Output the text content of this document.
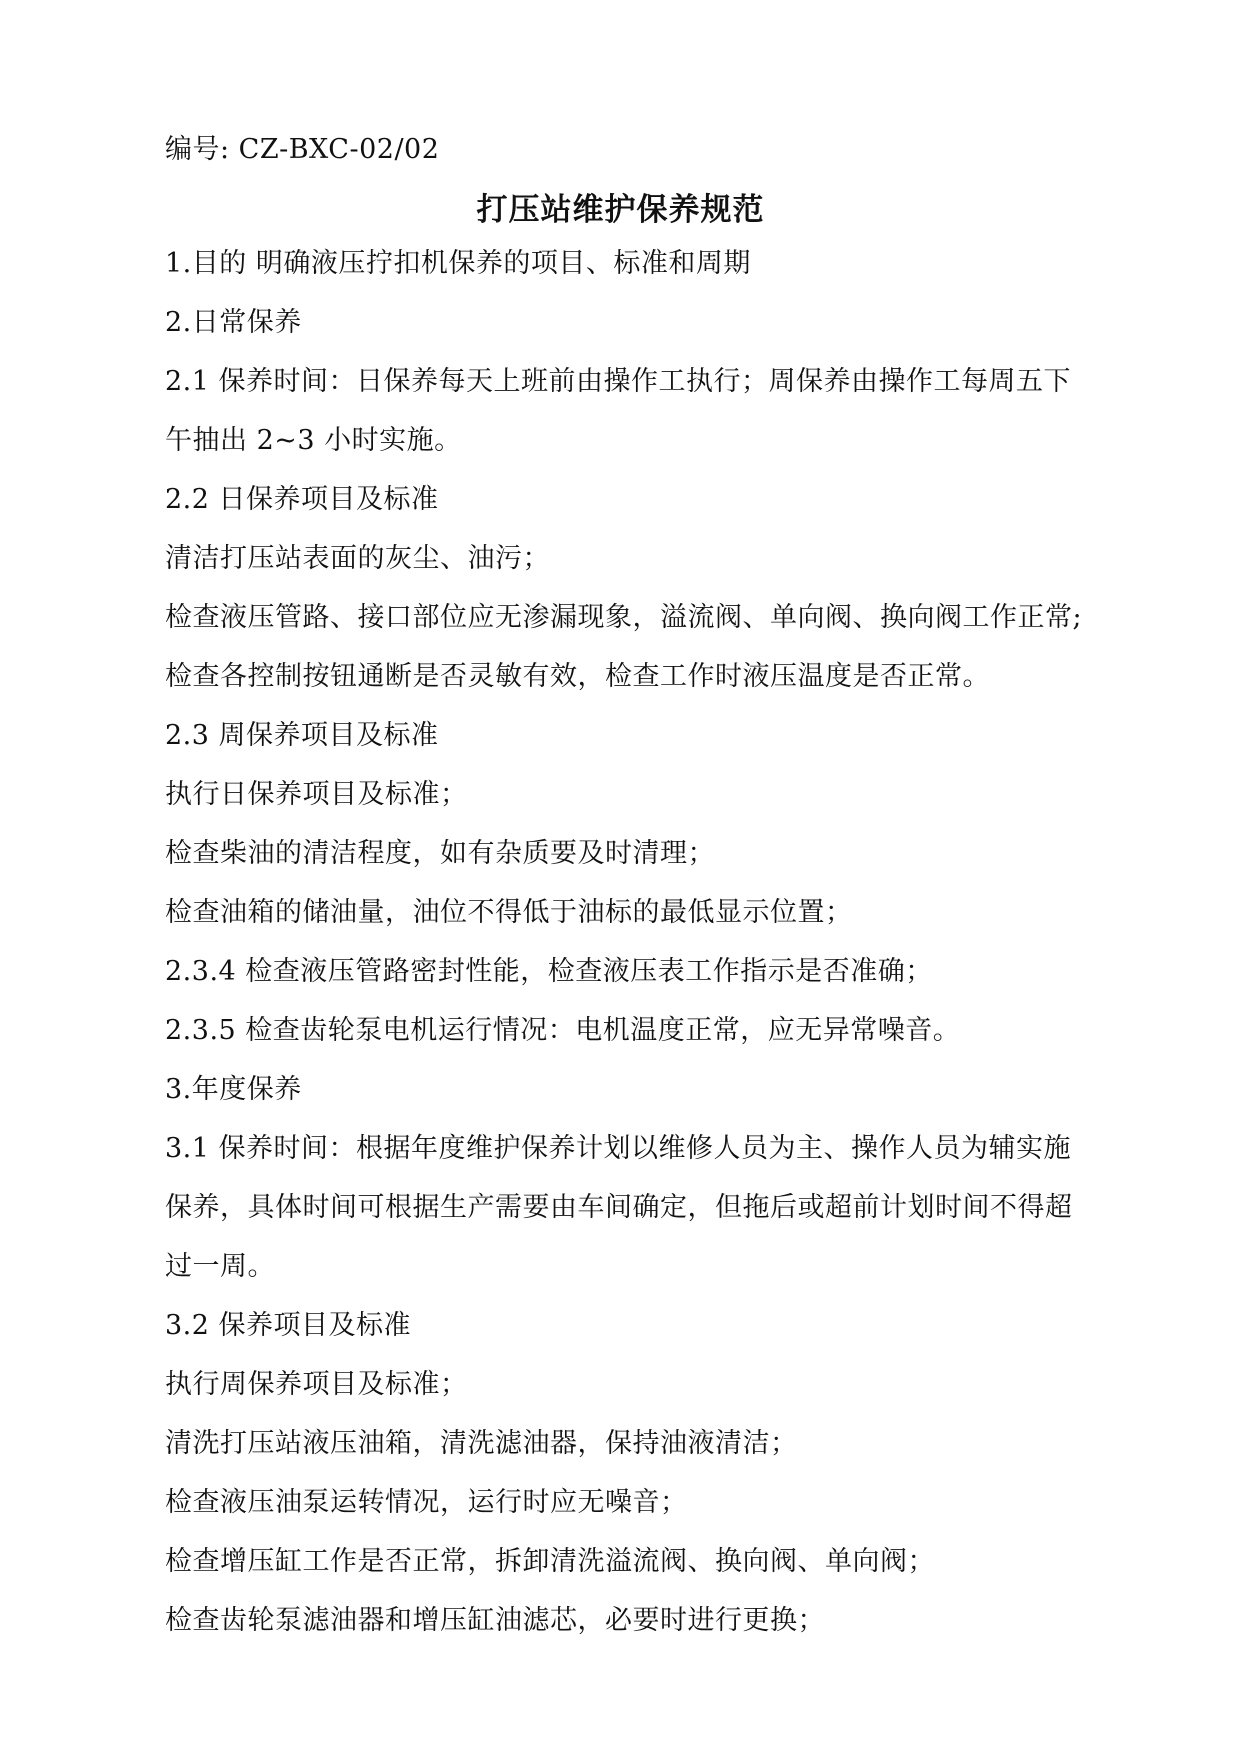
编号: CZ-BXC-02/02
打压站维护保养规范
1.目的 明确液压拧扣机保养的项目、标准和周期
2.日常保养
2.1 保养时间：日保养每天上班前由操作工执行；周保养由操作工每周五下
午抽出 2~3 小时实施。
2.2 日保养项目及标准
清洁打压站表面的灰尘、油污；
检查液压管路、接口部位应无渗漏现象，溢流阀、单向阀、换向阀工作正常;
检查各控制按钮通断是否灵敏有效，检查工作时液压温度是否正常。
2.3 周保养项目及标准
执行日保养项目及标准；
检查柴油的清洁程度，如有杂质要及时清理；
检查油箱的储油量，油位不得低于油标的最低显示位置；
2.3.4 检查液压管路密封性能，检查液压表工作指示是否准确；
2.3.5 检查齿轮泵电机运行情况：电机温度正常，应无异常噪音。
3.年度保养
3.1 保养时间：根据年度维护保养计划以维修人员为主、操作人员为辅实施
保养，具体时间可根据生产需要由车间确定，但拖后或超前计划时间不得超
过一周。
3.2 保养项目及标准
执行周保养项目及标准；
清洗打压站液压油箱，清洗滤油器，保持油液清洁；
检查液压油泵运转情况，运行时应无噪音；
检查增压缸工作是否正常，拆卸清洗溢流阀、换向阀、单向阀；
检查齿轮泵滤油器和增压缸油滤芯，必要时进行更换；
